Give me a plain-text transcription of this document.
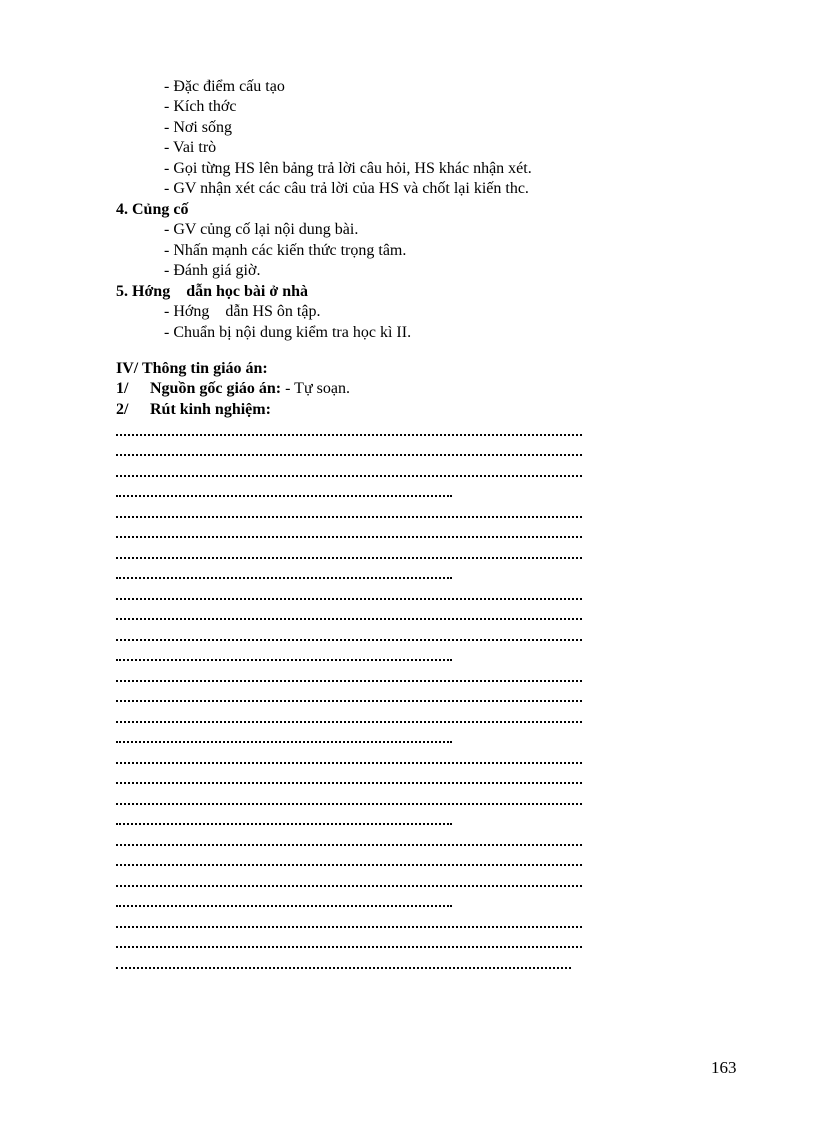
- Đặc điểm cấu tạo
- Kích thớc
- Nơi sống
- Vai trò
- Gọi từng HS lên bảng trả lời câu hỏi, HS khác nhận xét.
- GV nhận xét các câu trả lời của HS và chốt lại kiến thc.
4. Củng cố
- GV củng cố lại nội dung bài.
- Nhấn mạnh các kiến thức trọng tâm.
- Đánh giá giờ.
5. Hớng    dẫn học bài ở nhà
- Hớng    dẫn HS ôn tập.
- Chuẩn bị nội dung kiểm tra học kì II.
IV/ Thông tin giáo án:
1/ Nguồn gốc giáo án: - Tự soạn.
2/ Rút kinh nghiệm:
163
